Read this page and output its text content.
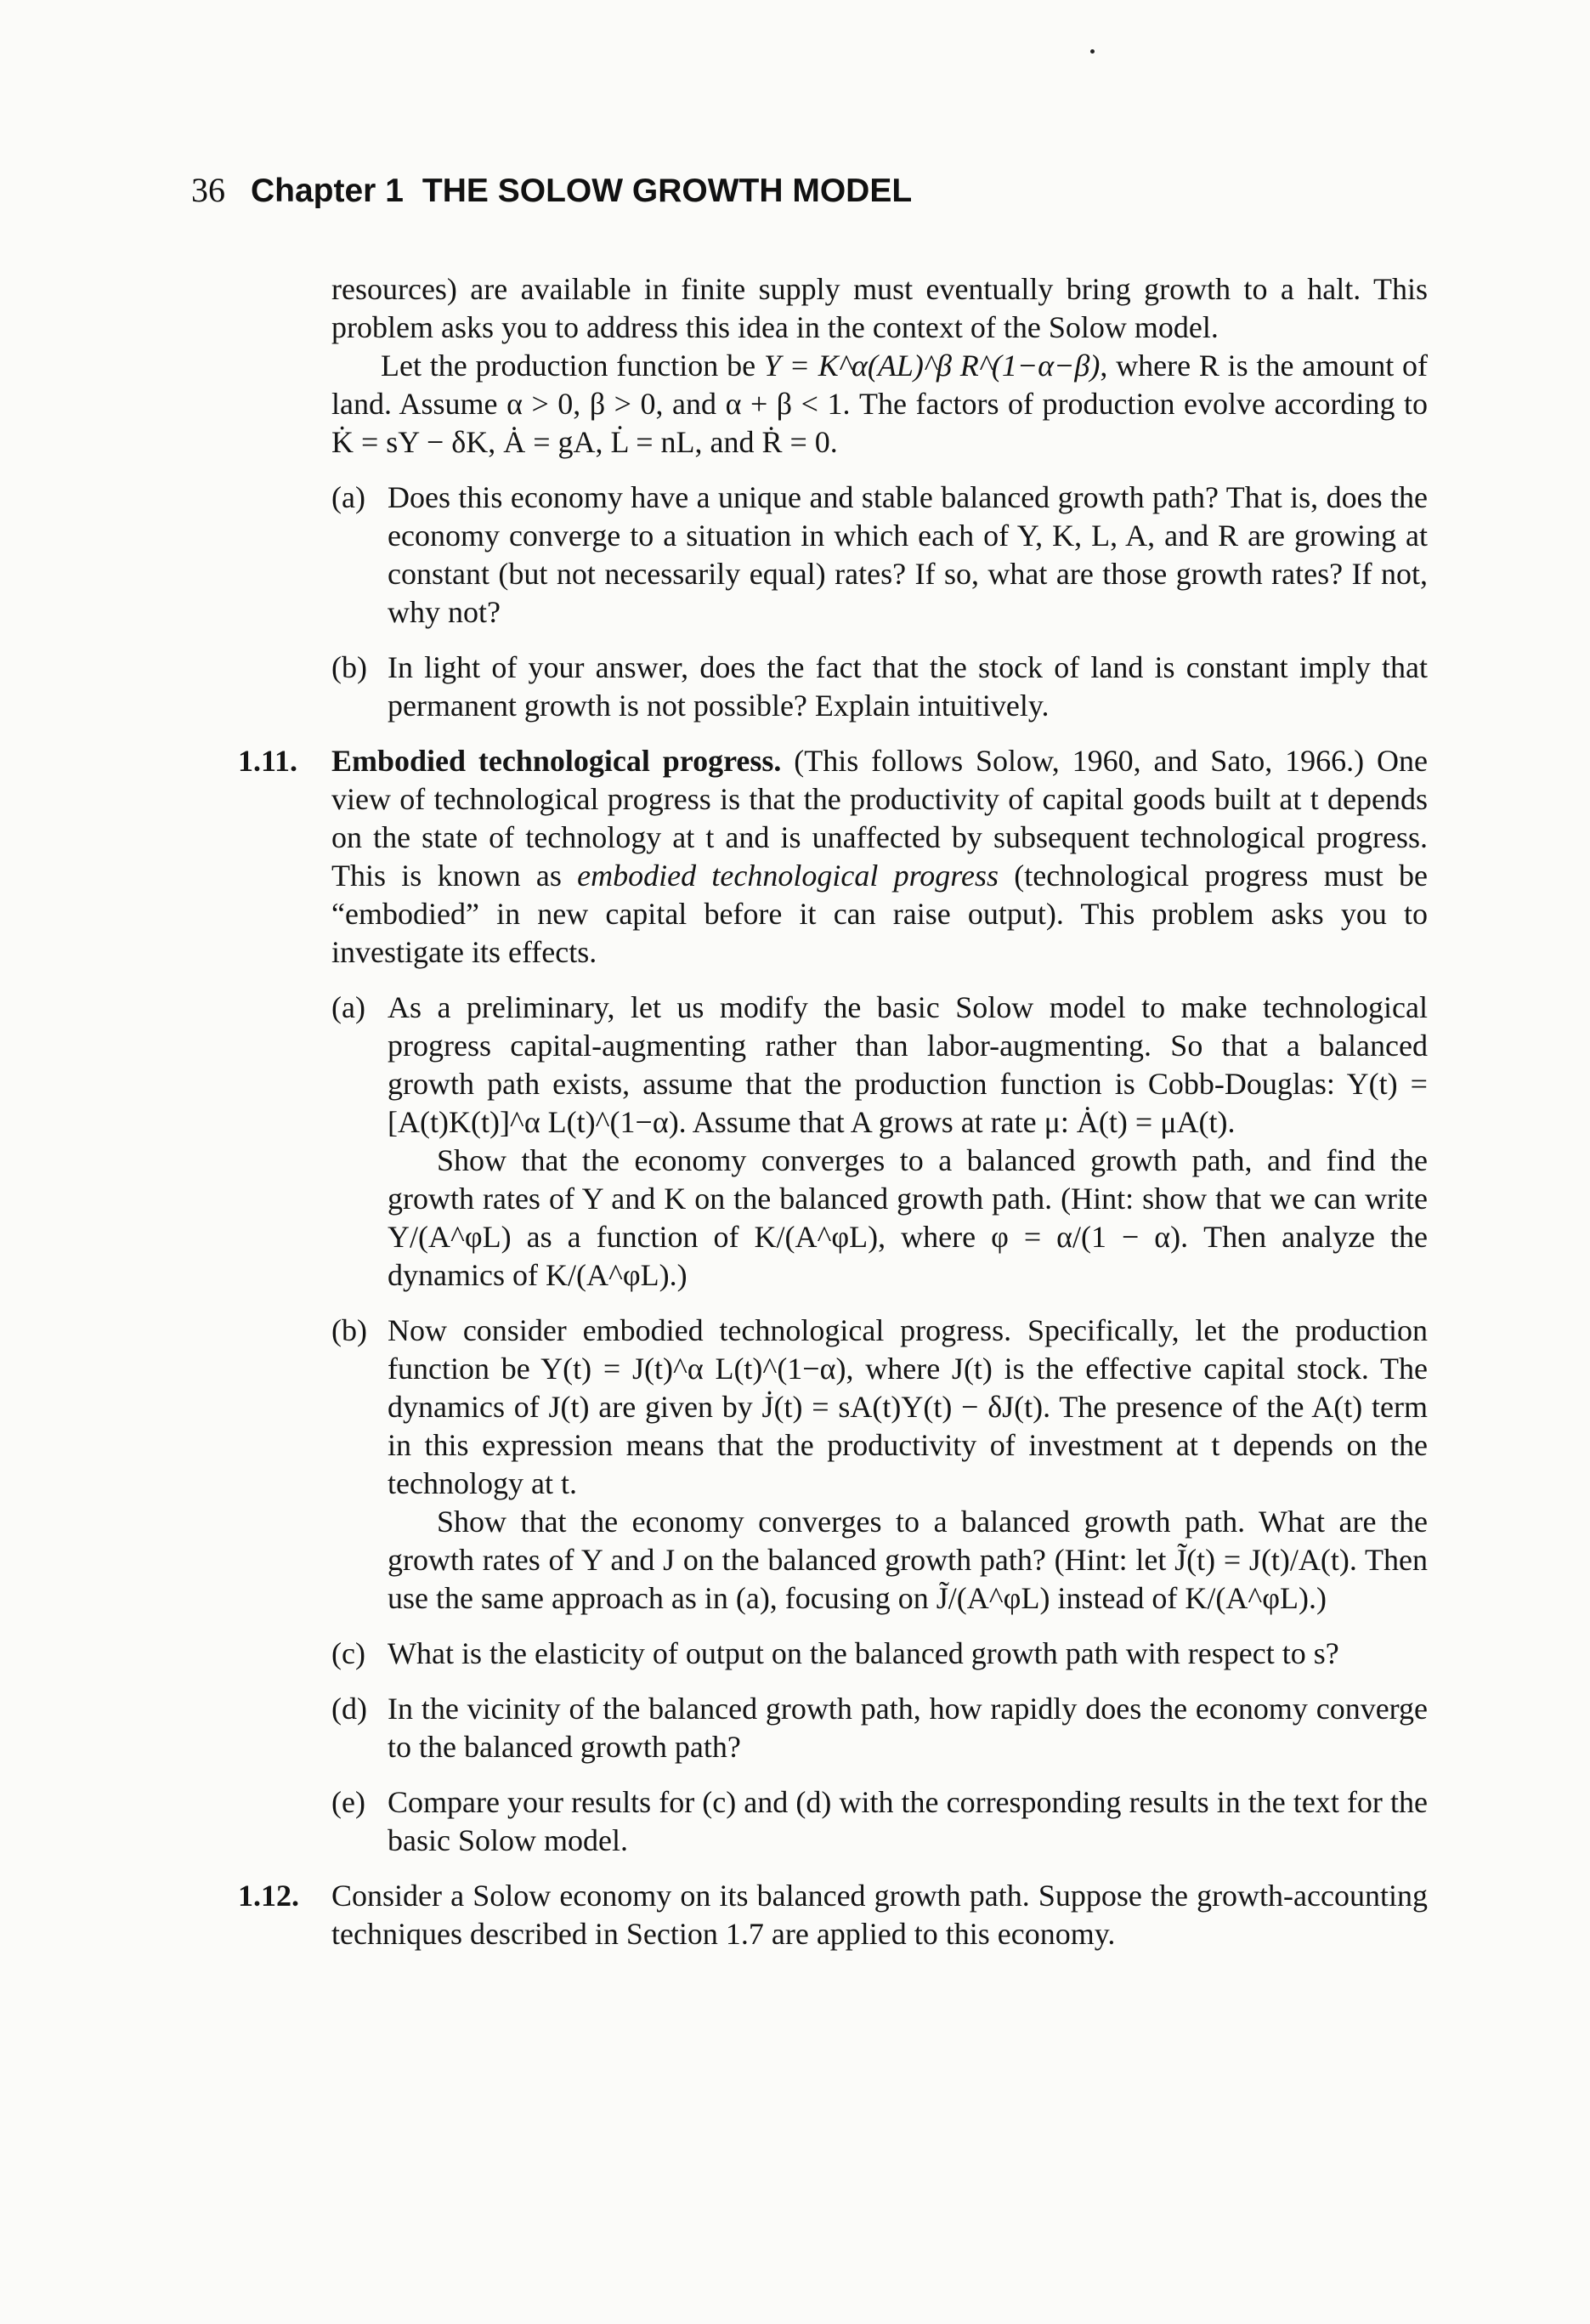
36 Chapter 1 THE SOLOW GROWTH MODEL

resources) are available in finite supply must eventually bring growth to a halt. This problem asks you to address this idea in the context of the Solow model.

Let the production function be Y = K^α(AL)^β R^(1−α−β), where R is the amount of land. Assume α > 0, β > 0, and α + β < 1. The factors of production evolve according to K̇ = sY − δK, Ȧ = gA, L̇ = nL, and Ṙ = 0.

(a) Does this economy have a unique and stable balanced growth path? That is, does the economy converge to a situation in which each of Y, K, L, A, and R are growing at constant (but not necessarily equal) rates? If so, what are those growth rates? If not, why not?
(b) In light of your answer, does the fact that the stock of land is constant imply that permanent growth is not possible? Explain intuitively.
1.11. Embodied technological progress. (This follows Solow, 1960, and Sato, 1966.) One view of technological progress is that the productivity of capital goods built at t depends on the state of technology at t and is unaffected by subsequent technological progress. This is known as embodied technological progress (technological progress must be “embodied” in new capital before it can raise output). This problem asks you to investigate its effects.
(a) As a preliminary, let us modify the basic Solow model to make technological progress capital-augmenting rather than labor-augmenting. So that a balanced growth path exists, assume that the production function is Cobb-Douglas: Y(t) = [A(t)K(t)]^α L(t)^(1−α). Assume that A grows at rate μ: Ȧ(t) = μA(t).

Show that the economy converges to a balanced growth path, and find the growth rates of Y and K on the balanced growth path. (Hint: show that we can write Y/(A^φL) as a function of K/(A^φL), where φ = α/(1 − α). Then analyze the dynamics of K/(A^φL).)

(b) Now consider embodied technological progress. Specifically, let the production function be Y(t) = J(t)^α L(t)^(1−α), where J(t) is the effective capital stock. The dynamics of J(t) are given by J̇(t) = sA(t)Y(t) − δJ(t). The presence of the A(t) term in this expression means that the productivity of investment at t depends on the technology at t.

Show that the economy converges to a balanced growth path. What are the growth rates of Y and J on the balanced growth path? (Hint: let J̃(t) = J(t)/A(t). Then use the same approach as in (a), focusing on J̃/(A^φL) instead of K/(A^φL).)

(c) What is the elasticity of output on the balanced growth path with respect to s?
(d) In the vicinity of the balanced growth path, how rapidly does the economy converge to the balanced growth path?
(e) Compare your results for (c) and (d) with the corresponding results in the text for the basic Solow model.
1.12. Consider a Solow economy on its balanced growth path. Suppose the growth-accounting techniques described in Section 1.7 are applied to this economy.
